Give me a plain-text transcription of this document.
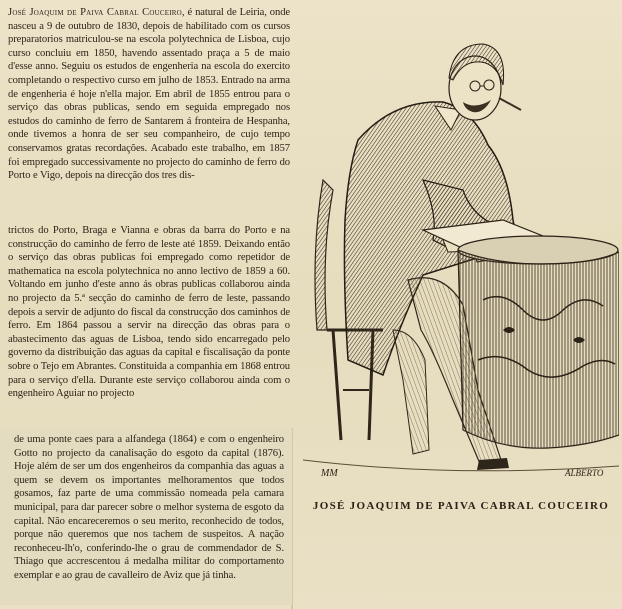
José Joaquim de Paiva Cabral Couceiro, é natural de Leiria, onde nasceu a 9 de outubro de 1830, depois de habilitado com os cursos preparatorios matriculou-se na escola polytechnica de Lisboa, cujo curso concluiu em 1850, havendo assentado praça a 5 de maio d'esse anno. Seguiu os estudos de engenheria na escola do exercito completando o respectivo curso em julho de 1853. Entrado na arma de engenheria é hoje n'ella major. Em abril de 1855 entrou para o serviço das obras publicas, sendo em seguida empregado nos estudos do caminho de ferro de Santarem á fronteira de Hespanha, onde tivemos a honra de ser seu companheiro, de cujo tempo conservamos gratas recordações. Acabado este trabalho, em 1857 foi empregado successivamente no projecto do caminho de ferro do Porto e Vigo, depois na direcção dos tres dis-

trictos do Porto, Braga e Vianna e obras da barra do Porto e na construcção do caminho de ferro de leste até 1859. Deixando então o serviço das obras publicas foi empregado como repetidor de mathematica na escola polytechnica no anno lectivo de 1859 a 60. Voltando em junho d'este anno ás obras publicas collaborou ainda no projecto da 5.ª secção do caminho de ferro de leste, passando depois a servir de adjunto do fiscal da construcção dos caminhos de ferro. Em 1864 passou a servir na direcção das obras para o abastecimento das aguas de Lisboa, tendo sido encarregado pelo governo da distribuição das aguas da capital e fiscalisação da ponte sobre o Tejo em Abrantes. Constituida a companhia em 1868 entrou para o serviço d'ella. Durante este serviço collaborou ainda com o engenheiro Aguiar no projecto

de uma ponte caes para a alfandega (1864) e com o engenheiro Gotto no projecto da canalisação do esgoto da capital (1876). Hoje além de ser um dos engenheiros da companhia das aguas a quem se devem os importantes melhoramentos que todos gosamos, faz parte de uma commissão nomeada pela camara municipal, para dar parecer sobre o melhor systema de esgoto da capital. Não encareceremos o seu merito, reconhecido de todos, porque não queremos que nos tachem de suspeitos. A nação reconheceu-lh'o, conferindo-lhe o grau de commendador de S. Thiago que accrescentou á medalha militar do comportamento exemplar e ao grau de cavalleiro de Aviz que já tinha.

MM	ALBERTO
JOSÉ JOAQUIM DE PAIVA CABRAL COUCEIRO
